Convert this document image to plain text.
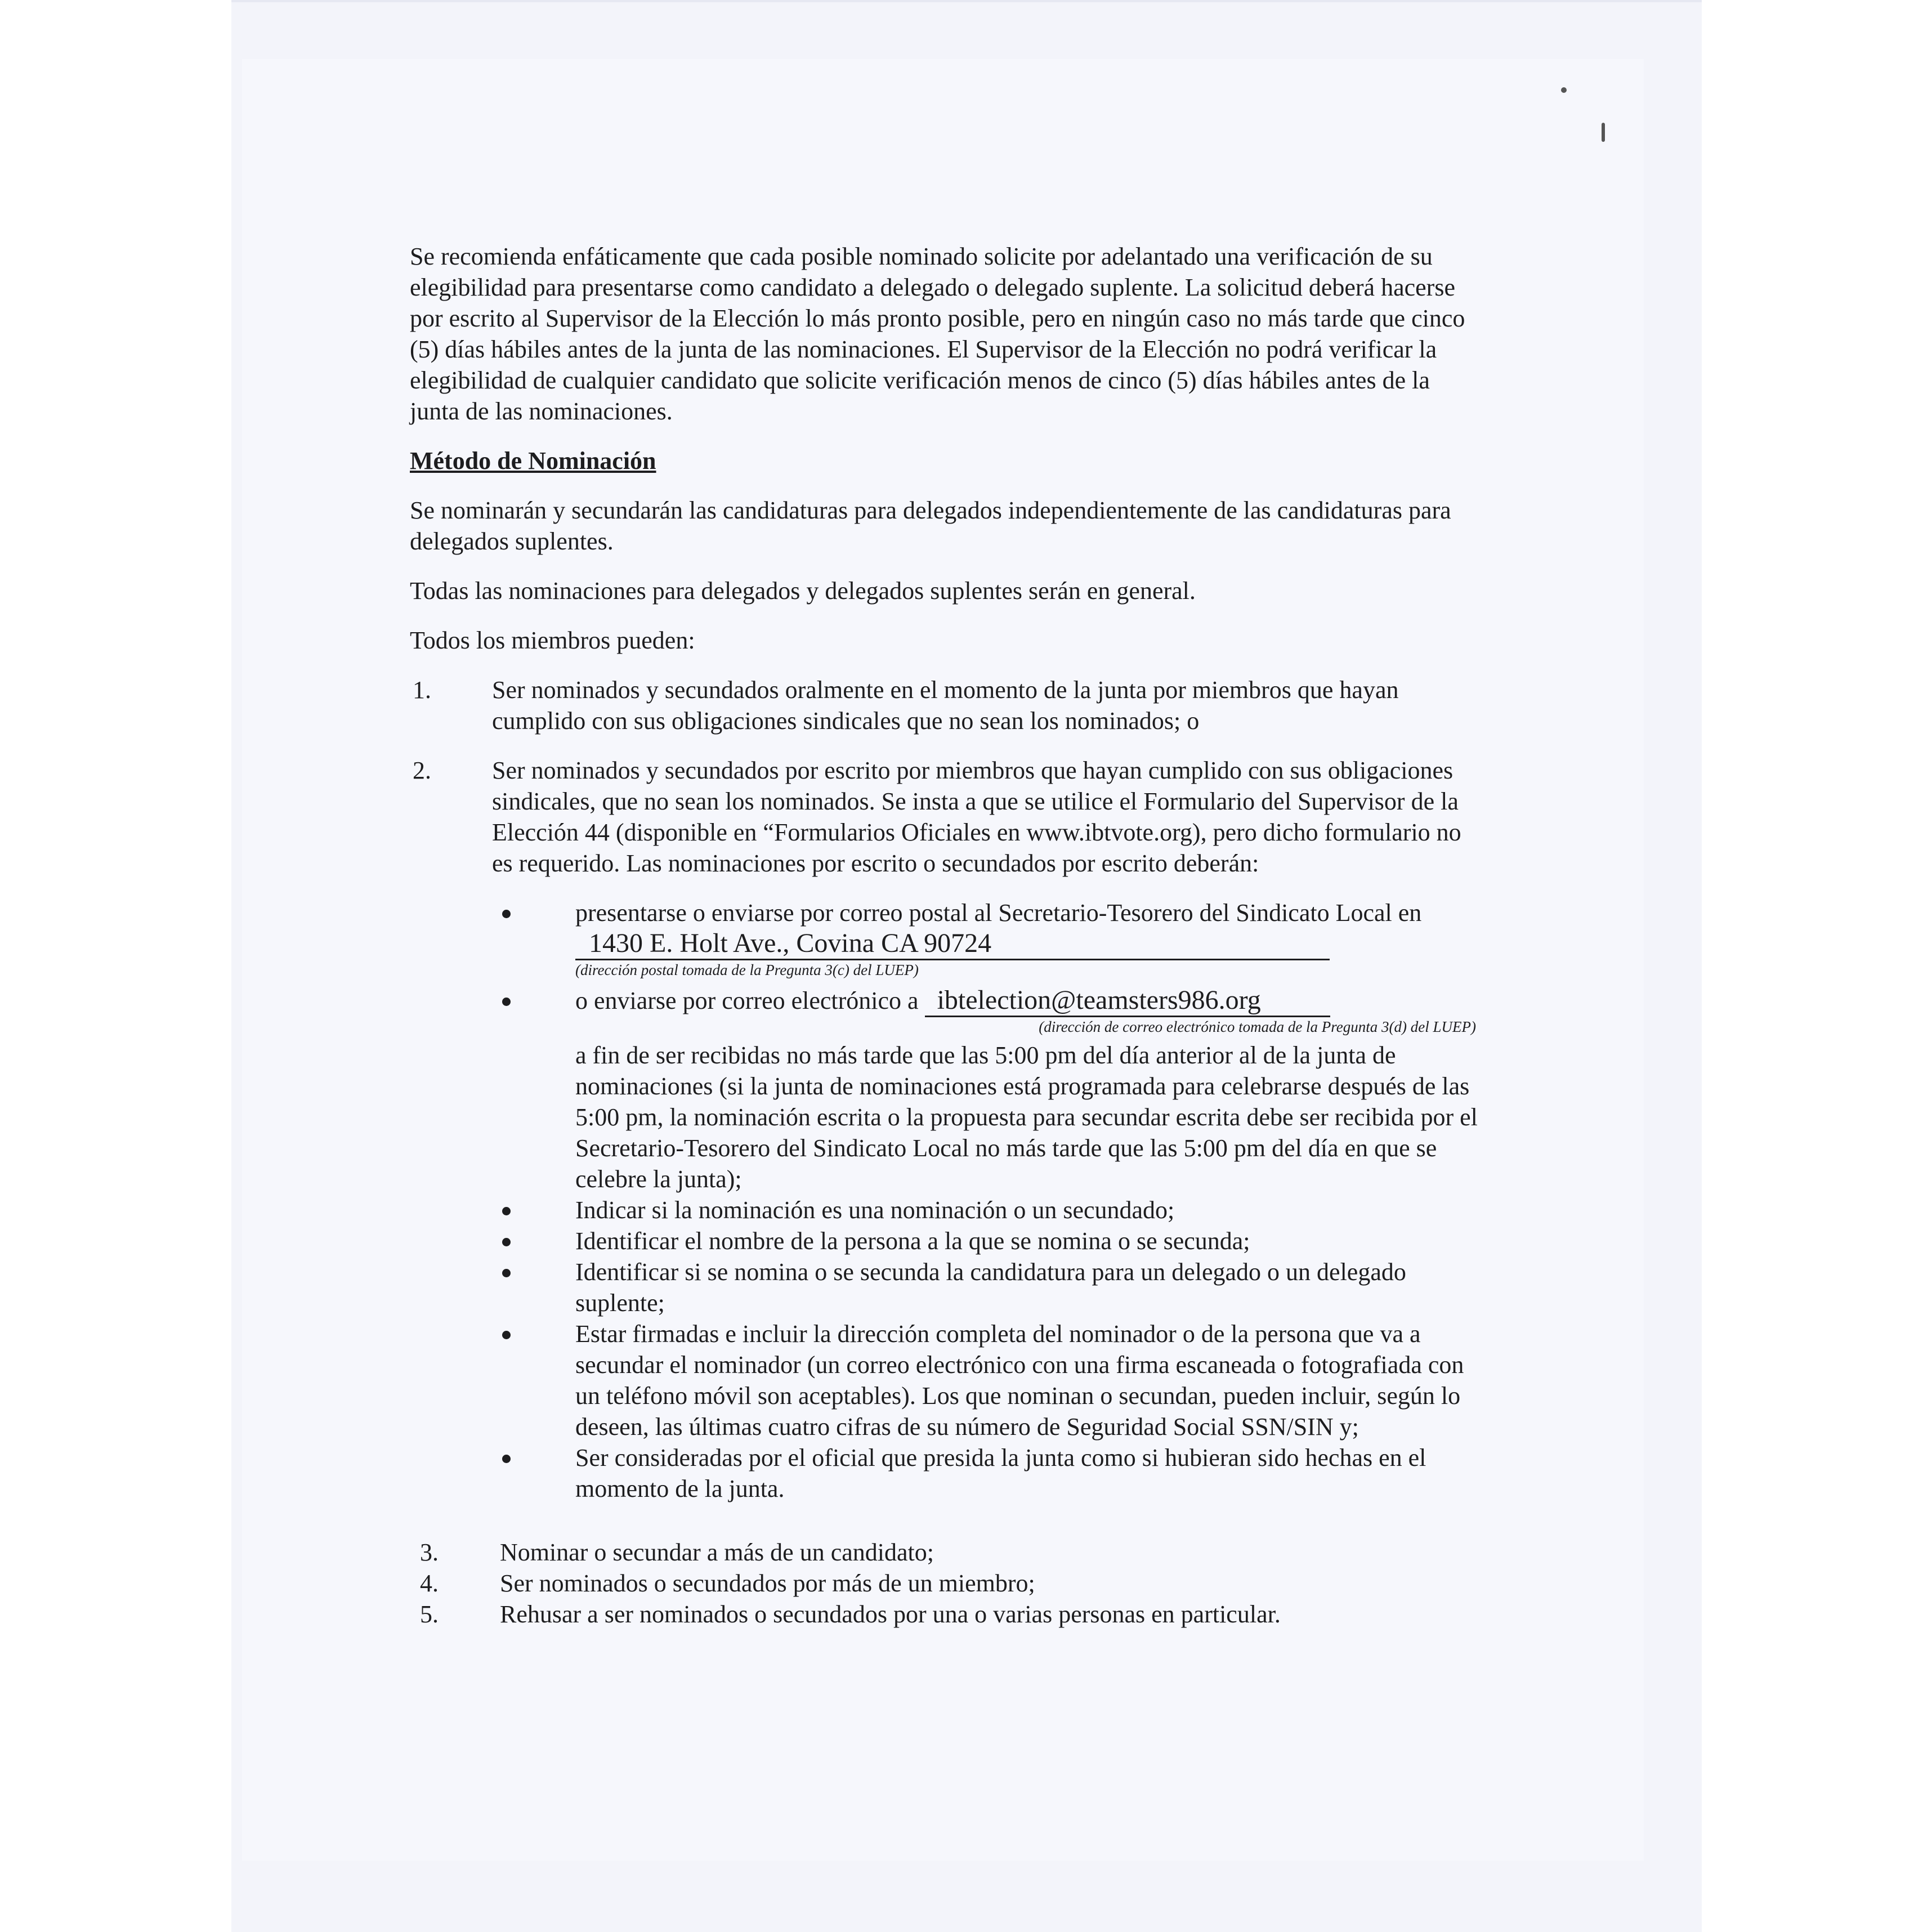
Se recomienda enfáticamente que cada posible nominado solicite por adelantado una verificación de su elegibilidad para presentarse como candidato a delegado o delegado suplente. La solicitud deberá hacerse por escrito al Supervisor de la Elección lo más pronto posible, pero en ningún caso no más tarde que cinco (5) días hábiles antes de la junta de las nominaciones. El Supervisor de la Elección no podrá verificar la elegibilidad de cualquier candidato que solicite verificación menos de cinco (5) días hábiles antes de la junta de las nominaciones.

Método de Nominación

Se nominarán y secundarán las candidaturas para delegados independientemente de las candidaturas para delegados suplentes.

Todas las nominaciones para delegados y delegados suplentes serán en general.

Todos los miembros pueden:

1. Ser nominados y secundados oralmente en el momento de la junta por miembros que hayan cumplido con sus obligaciones sindicales que no sean los nominados; o
2. Ser nominados y secundados por escrito por miembros que hayan cumplido con sus obligaciones sindicales, que no sean los nominados. Se insta a que se utilice el Formulario del Supervisor de la Elección 44 (disponible en “Formularios Oficiales en www.ibtvote.org), pero dicho formulario no es requerido. Las nominaciones por escrito o secundados por escrito deberán:
presentarse o enviarse por correo postal al Secretario-Tesorero del Sindicato Local en 1430 E. Holt Ave., Covina CA 90724
(dirección postal tomada de la Pregunta 3(c) del LUEP)
o enviarse por correo electrónico a ibtelection@teamsters986.org
(dirección de correo electrónico tomada de la Pregunta 3(d) del LUEP)
a fin de ser recibidas no más tarde que las 5:00 pm del día anterior al de la junta de nominaciones (si la junta de nominaciones está programada para celebrarse después de las 5:00 pm, la nominación escrita o la propuesta para secundar escrita debe ser recibida por el Secretario-Tesorero del Sindicato Local no más tarde que las 5:00 pm del día en que se celebre la junta);
Indicar si la nominación es una nominación o un secundado;
Identificar el nombre de la persona a la que se nomina o se secunda;
Identificar si se nomina o se secunda la candidatura para un delegado o un delegado suplente;
Estar firmadas e incluir la dirección completa del nominador o de la persona que va a secundar el nominador (un correo electrónico con una firma escaneada o fotografiada con un teléfono móvil son aceptables). Los que nominan o secundan, pueden incluir, según lo deseen, las últimas cuatro cifras de su número de Seguridad Social SSN/SIN y;
Ser consideradas por el oficial que presida la junta como si hubieran sido hechas en el momento de la junta.
3. Nominar o secundar a más de un candidato;
4. Ser nominados o secundados por más de un miembro;
5. Rehusar a ser nominados o secundados por una o varias personas en particular.
